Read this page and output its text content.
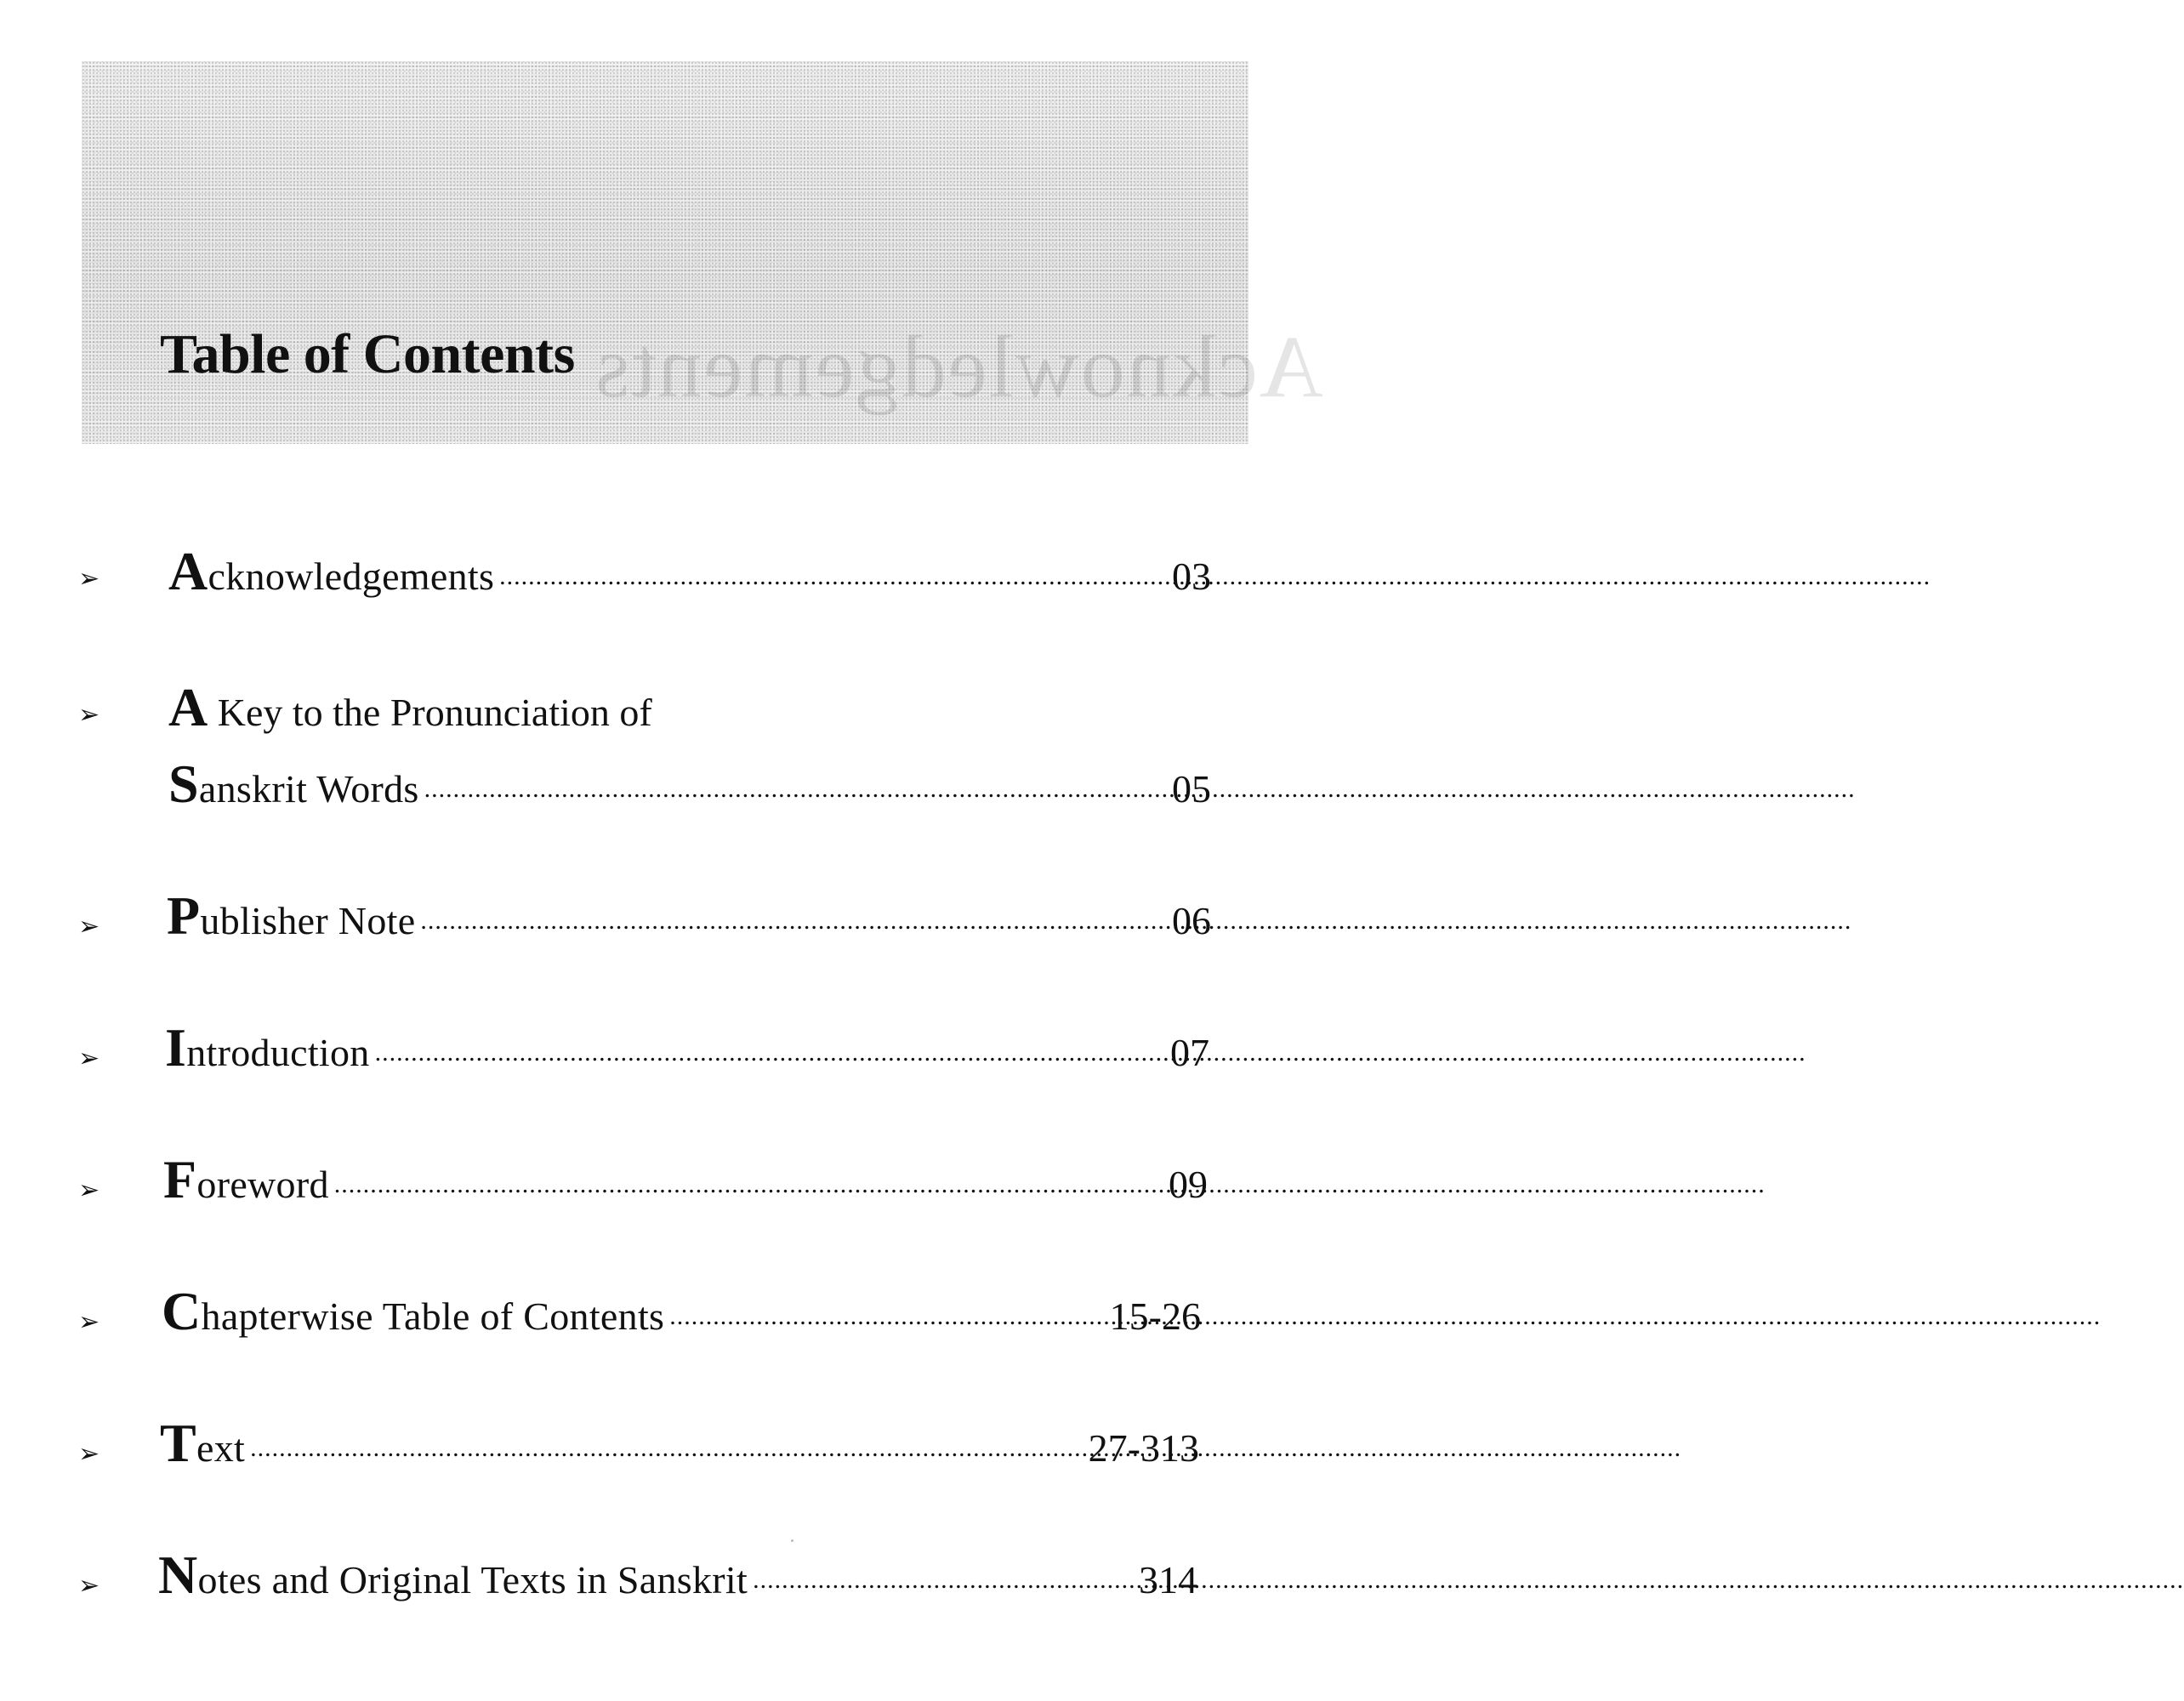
Acknowledgements
Table of Contents
➢ Acknowledgements .....	03
➢ A Key to the Pronunciation of
Sanskrit Words .....	05
➢ Publisher Note .....	06
➢ Introduction .....	07
➢ Foreword .....	09
➢ Chapterwise Table of Contents .....	15-26
➢ Text .....	27-313
➢ Notes and Original Texts in Sanskrit .....	314
